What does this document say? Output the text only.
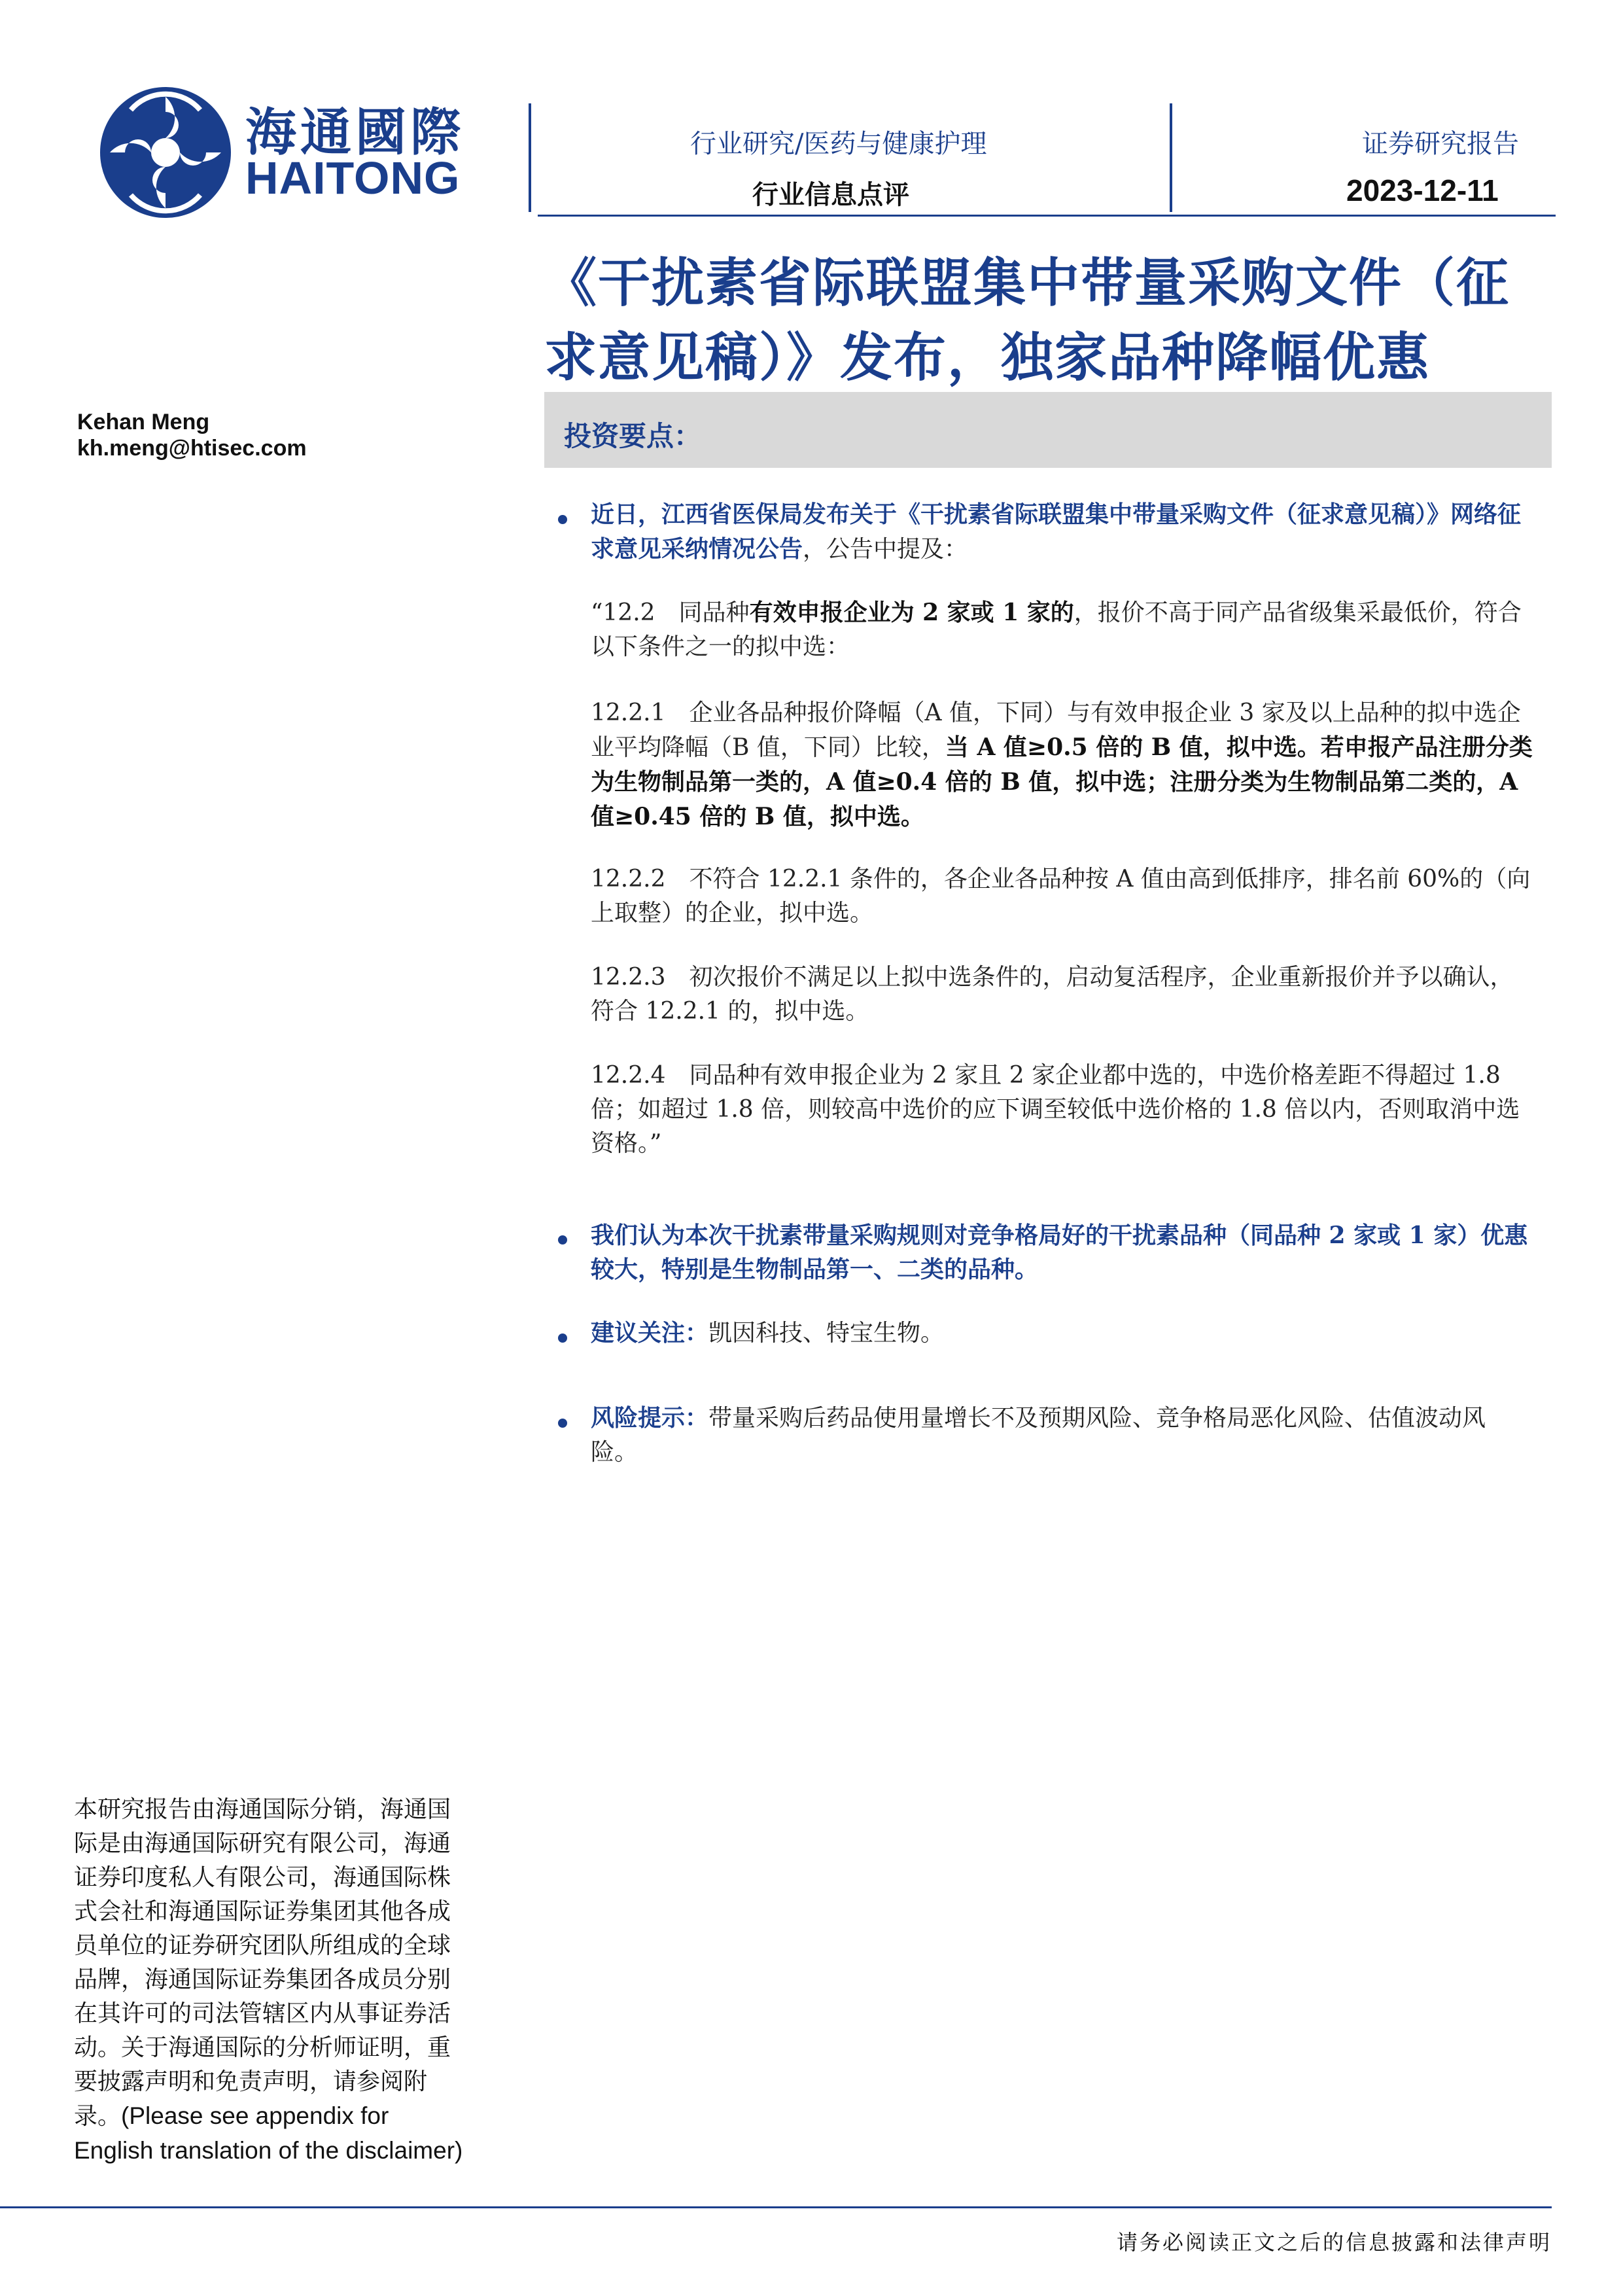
海通國際
HAITONG
行业研究/医药与健康护理
行业信息点评
证券研究报告
2023-12-11
《干扰素省际联盟集中带量采购文件（征求意见稿）》发布，独家品种降幅优惠
Kehan Meng
kh.meng@htisec.com	投资要点：
近日，江西省医保局发布关于《干扰素省际联盟集中带量采购文件（征求意见稿）》网络征求意见采纳情况公告，公告中提及：
“12.2　同品种有效申报企业为 2 家或 1 家的，报价不高于同产品省级集采最低价，符合以下条件之一的拟中选：
12.2.1　企业各品种报价降幅（A 值，下同）与有效申报企业 3 家及以上品种的拟中选企业平均降幅（B 值，下同）比较，当 A 值≥0.5 倍的 B 值，拟中选。若申报产品注册分类为生物制品第一类的，A 值≥0.4 倍的 B 值，拟中选；注册分类为生物制品第二类的，A 值≥0.45 倍的 B 值，拟中选。
12.2.2　不符合 12.2.1 条件的，各企业各品种按 A 值由高到低排序，排名前 60%的（向上取整）的企业，拟中选。
12.2.3　初次报价不满足以上拟中选条件的，启动复活程序，企业重新报价并予以确认，符合 12.2.1 的，拟中选。
12.2.4　同品种有效申报企业为 2 家且 2 家企业都中选的，中选价格差距不得超过 1.8 倍；如超过 1.8 倍，则较高中选价的应下调至较低中选价格的 1.8 倍以内，否则取消中选资格。”
我们认为本次干扰素带量采购规则对竞争格局好的干扰素品种（同品种 2 家或 1 家）优惠较大，特别是生物制品第一、二类的品种。
建议关注：凯因科技、特宝生物。
风险提示：带量采购后药品使用量增长不及预期风险、竞争格局恶化风险、估值波动风险。
本研究报告由海通国际分销，海通国际是由海通国际研究有限公司，海通证券印度私人有限公司，海通国际株式会社和海通国际证券集团其他各成员单位的证券研究团队所组成的全球品牌，海通国际证券集团各成员分别在其许可的司法管辖区内从事证券活动。关于海通国际的分析师证明，重要披露声明和免责声明，请参阅附录。(Please see appendix for English translation of the disclaimer)
请务必阅读正文之后的信息披露和法律声明
